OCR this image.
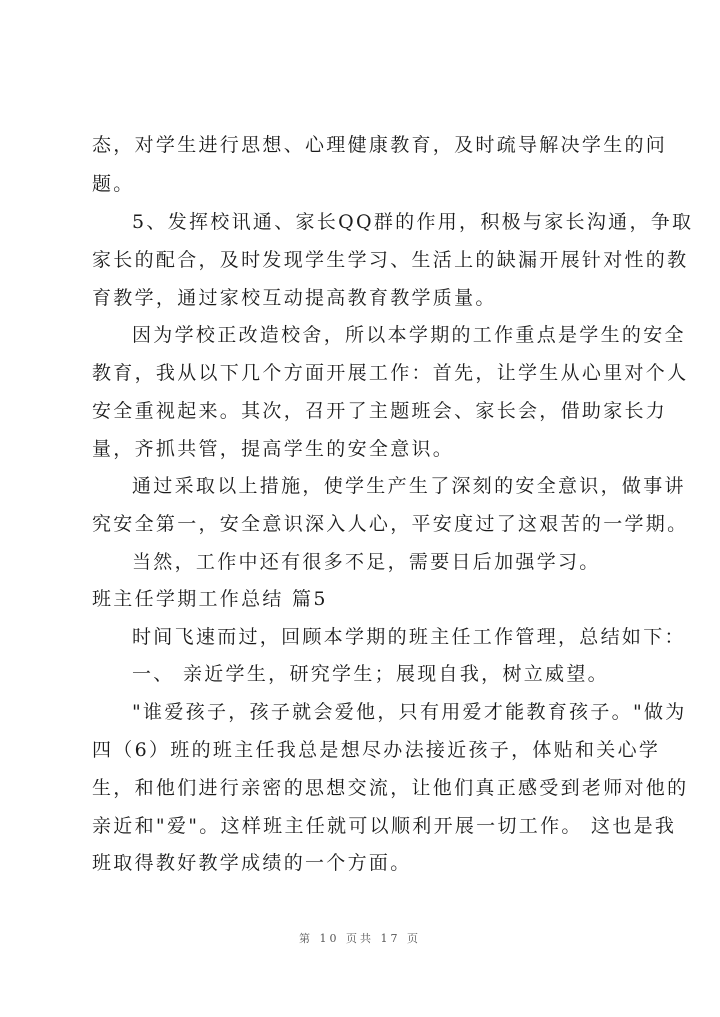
态，对学生进行思想、心理健康教育，及时疏导解决学生的问
题。
5、发挥校讯通、家长QQ群的作用，积极与家长沟通，争取
家长的配合，及时发现学生学习、生活上的缺漏开展针对性的教
育教学，通过家校互动提高教育教学质量。
因为学校正改造校舍，所以本学期的工作重点是学生的安全
教育，我从以下几个方面开展工作：首先，让学生从心里对个人
安全重视起来。其次，召开了主题班会、家长会，借助家长力
量，齐抓共管，提高学生的安全意识。
通过采取以上措施，使学生产生了深刻的安全意识，做事讲
究安全第一，安全意识深入人心，平安度过了这艰苦的一学期。
当然，工作中还有很多不足，需要日后加强学习。
班主任学期工作总结 篇5
时间飞速而过，回顾本学期的班主任工作管理，总结如下：
一、 亲近学生，研究学生；展现自我，树立威望。
"谁爱孩子，孩子就会爱他，只有用爱才能教育孩子。"做为
四（6）班的班主任我总是想尽办法接近孩子，体贴和关心学
生，和他们进行亲密的思想交流，让他们真正感受到老师对他的
亲近和"爱"。这样班主任就可以顺利开展一切工作。 这也是我
班取得教好教学成绩的一个方面。
第 10 页共 17 页
